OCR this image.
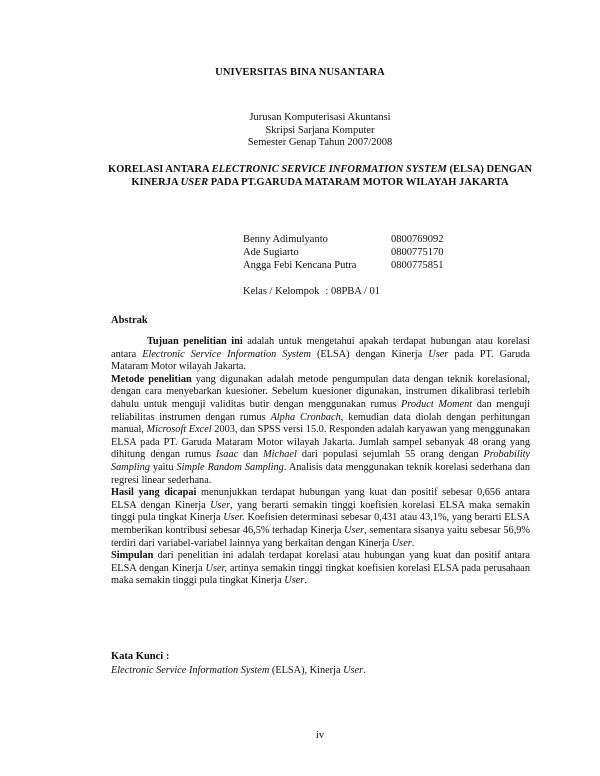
UNIVERSITAS BINA NUSANTARA
Jurusan Komputerisasi Akuntansi
Skripsi Sarjana Komputer
Semester Genap Tahun 2007/2008
KORELASI ANTARA ELECTRONIC SERVICE INFORMATION SYSTEM (ELSA) DENGAN KINERJA USER PADA PT.GARUDA MATARAM MOTOR WILAYAH JAKARTA
Benny Adimulyanto	0800769092
Ade Sugiarto	0800775170
Angga Febi Kencana Putra	0800775851
Kelas / Kelompok : 08PBA / 01
Abstrak

Tujuan penelitian ini adalah untuk mengetahui apakah terdapat hubungan atau korelasi antara Electronic Service Information System (ELSA) dengan Kinerja User pada PT. Garuda Mataram Motor wilayah Jakarta.

Metode penelitian yang digunakan adalah metode pengumpulan data dengan teknik korelasional, dengan cara menyebarkan kuesioner. Sebelum kuesioner digunakan, instrumen dikalibrasi terlebih dahulu untuk menguji validitas butir dengan menggunakan rumus Product Moment dan menguji reliabilitas instrumen dengan rumus Alpha Cronbach, kemudian data diolah dengan perhitungan manual, Microsoft Excel 2003, dan SPSS versi 15.0. Responden adalah karyawan yang menggunakan ELSA pada PT. Garuda Mataram Motor wilayah Jakarta. Jumlah sampel sebanyak 48 orang yang dihitung dengan rumus Isaac dan Michael dari populasi sejumlah 55 orang dengan Probability Sampling yaitu Simple Random Sampling. Analisis data menggunakan teknik korelasi sederhana dan regresi linear sederhana.

Hasil yang dicapai menunjukkan terdapat hubungan yang kuat dan positif sebesar 0,656 antara ELSA dengan Kinerja User, yang berarti semakin tinggi koefisien korelasi ELSA maka semakin tinggi pula tingkat Kinerja User. Koefisien determinasi sebesar 0,431 atau 43,1%, yang berarti ELSA memberikan kontribusi sebesar 46,5% terhadap Kinerja User, sementara sisanya yaitu sebesar 56,9% terdiri dari variabel-variabel lainnya yang berkaitan dengan Kinerja User.

Simpulan dari penelitian ini adalah terdapat korelasi atau hubungan yang kuat dan positif antara ELSA dengan Kinerja User, artinya semakin tinggi tingkat koefisien korelasi ELSA pada perusahaan maka semakin tinggi pula tingkat Kinerja User.

Kata Kunci :
Electronic Service Information System (ELSA), Kinerja User.
iv
